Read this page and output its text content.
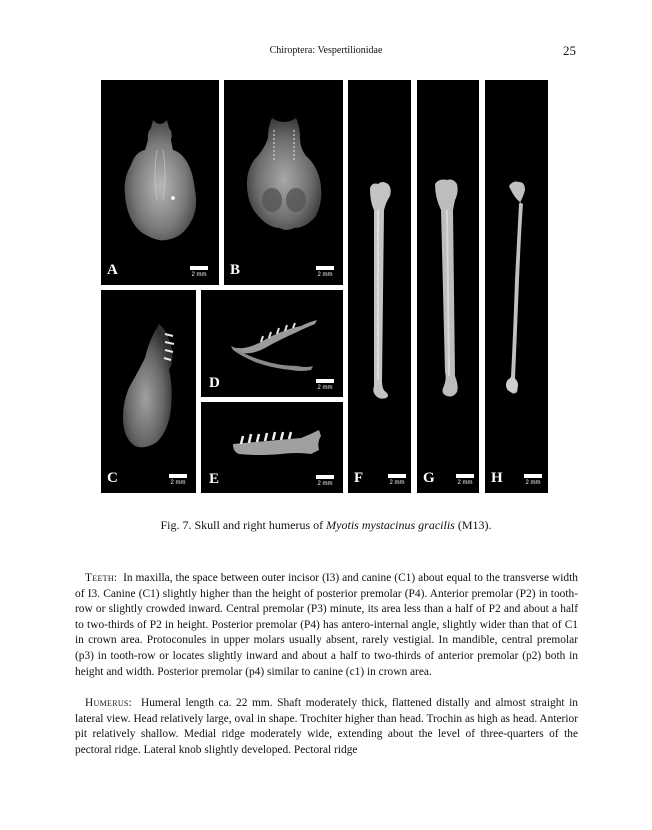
Chiroptera: Vespertilionidae	25
A	2 mm	B	2 mm
C	2 mm
D	2 mm
E	2 mm	F	2 mm	G	2 mm	H	2 mm
Fig. 7. Skull and right humerus of Myotis mystacinus gracilis (M13).
Teeth:  In maxilla, the space between outer incisor (I3) and canine (C1) about equal to the transverse width of I3. Canine (C1) slightly higher than the height of posterior premolar (P4). Anterior premolar (P2) in tooth-row or slightly crowded inward. Central premolar (P3) minute, its area less than a half of P2 and about a half to two-thirds of P2 in height. Posterior premolar (P4) has antero-internal angle, slightly wider than that of C1 in crown area. Protoconules in upper molars usually absent, rarely vestigial. In mandible, central premolar (p3) in tooth-row or locates slightly inward and about a half to two-thirds of anterior premolar (p2) both in height and width. Posterior premolar (p4) similar to canine (c1) in crown area.
Humerus:  Humeral length ca. 22 mm. Shaft moderately thick, flattened distally and almost straight in lateral view. Head relatively large, oval in shape. Trochiter higher than head. Trochin as high as head. Anterior pit relatively shallow. Medial ridge moderately wide, extending about the level of three-quarters of the pectoral ridge. Lateral knob slightly developed. Pectoral ridge
